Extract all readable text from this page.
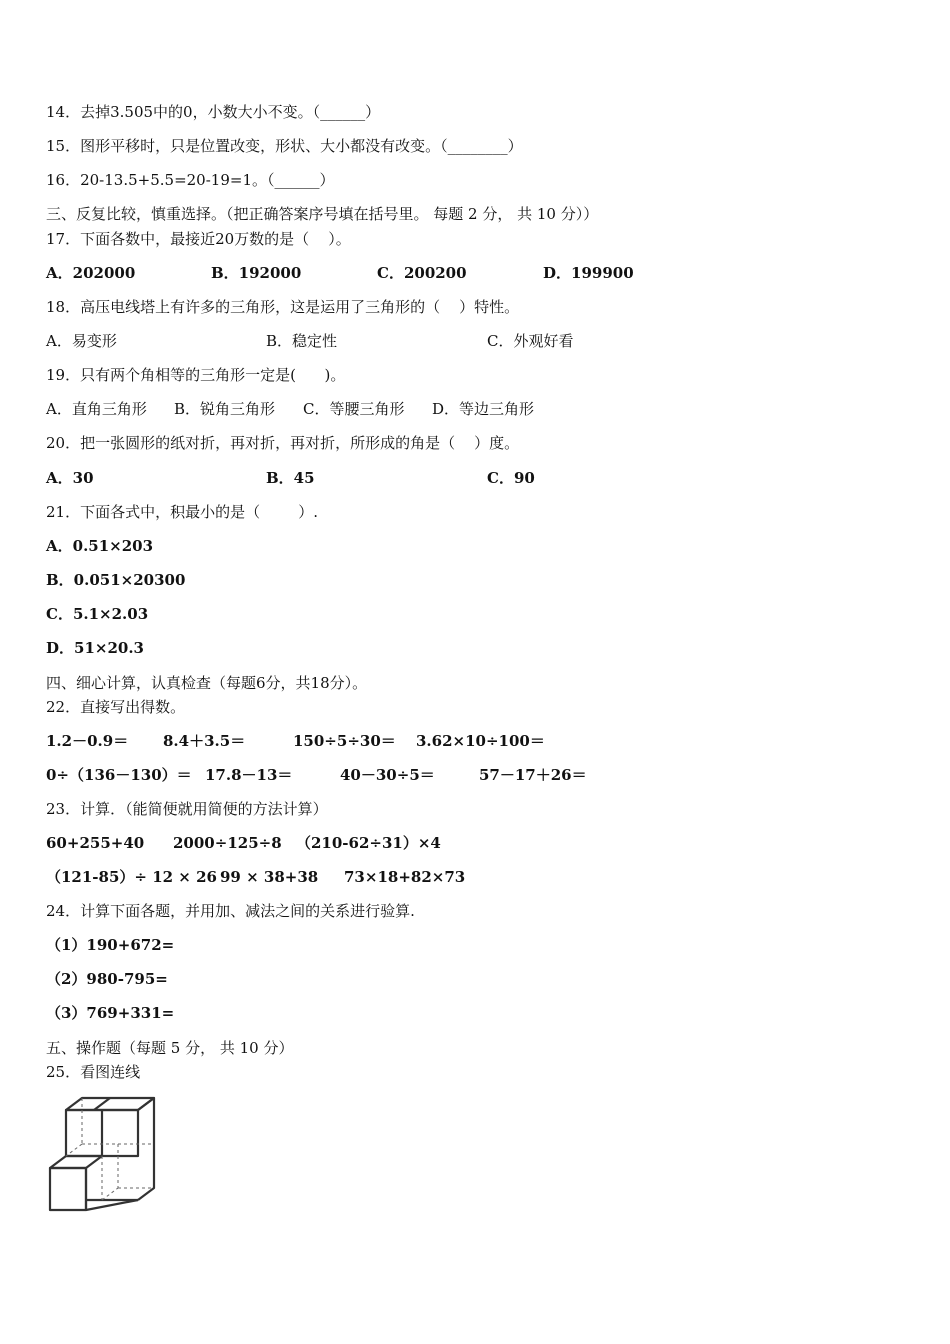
14．去掉3.505中的0，小数大小不变。（______）
15．图形平移时，只是位置改变，形状、大小都没有改变。（________）
16．20-13.5+5.5=20-19=1。（______）
三、反复比较，慎重选择。（把正确答案序号填在括号里。 每题 2 分， 共 10 分））
17．下面各数中，最接近20万数的是（    ）。

A．202000

	B．192000

	C．200200

	D．199900

18．高压电线塔上有许多的三角形，这是运用了三角形的（    ）特性。

A．易变形

	B．稳定性

	C．外观好看

19．只有两个角相等的三角形一定是(      )。

A．直角三角形

B．锐角三角形

C．等腰三角形

D．等边三角形

20．把一张圆形的纸对折，再对折，再对折，所形成的角是（    ）度。

A．30

	B．45

	C．90

21．下面各式中，积最小的是（        ）.
A．0.51×203
B．0.051×20300
C．5.1×2.03
D．51×20.3
四、细心计算，认真检查（每题6分，共18分）。
22．直接写出得数。

1.2－0.9＝

8.4＋3.5＝

	150÷5÷30＝

3.62×10÷100＝

0÷（136－130）＝

17.8－13＝

	40－30÷5＝

	57－17＋26＝

23．计算．（能简便就用简便的方法计算）

60+255+40

2000÷125÷8

（210-62÷31）×4

（121-85）÷ 12 × 26

99 × 38+38

73×18+82×73

24．计算下面各题，并用加、减法之间的关系进行验算.
（1）190+672=
（2）980-795=
（3）769+331=
五、操作题（每题 5 分， 共 10 分）
25．看图连线
